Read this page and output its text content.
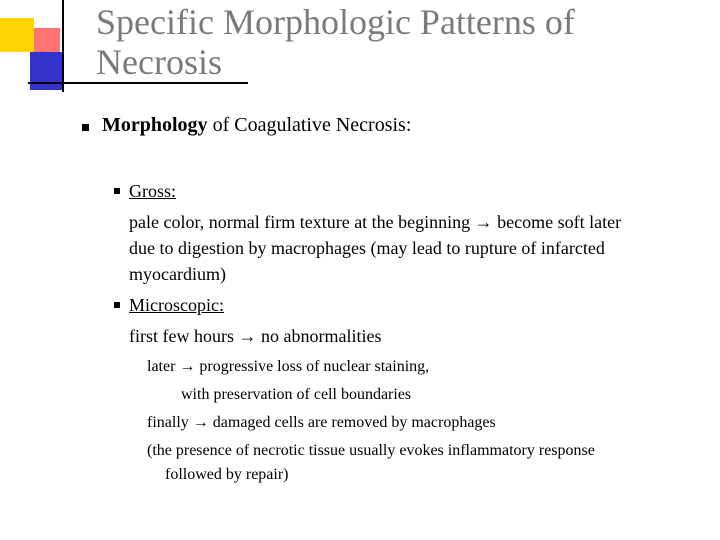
Specific Morphologic Patterns of
Necrosis
Morphology of Coagulative Necrosis:
Gross:
pale color, normal firm texture at the beginning → become soft later
due to digestion by macrophages (may lead to rupture of infarcted
myocardium)
Microscopic:
first few hours → no abnormalities
later → progressive loss of nuclear staining,
with preservation of cell boundaries
finally → damaged cells are removed by macrophages
(the presence of necrotic tissue usually evokes inflammatory response
followed by repair)
